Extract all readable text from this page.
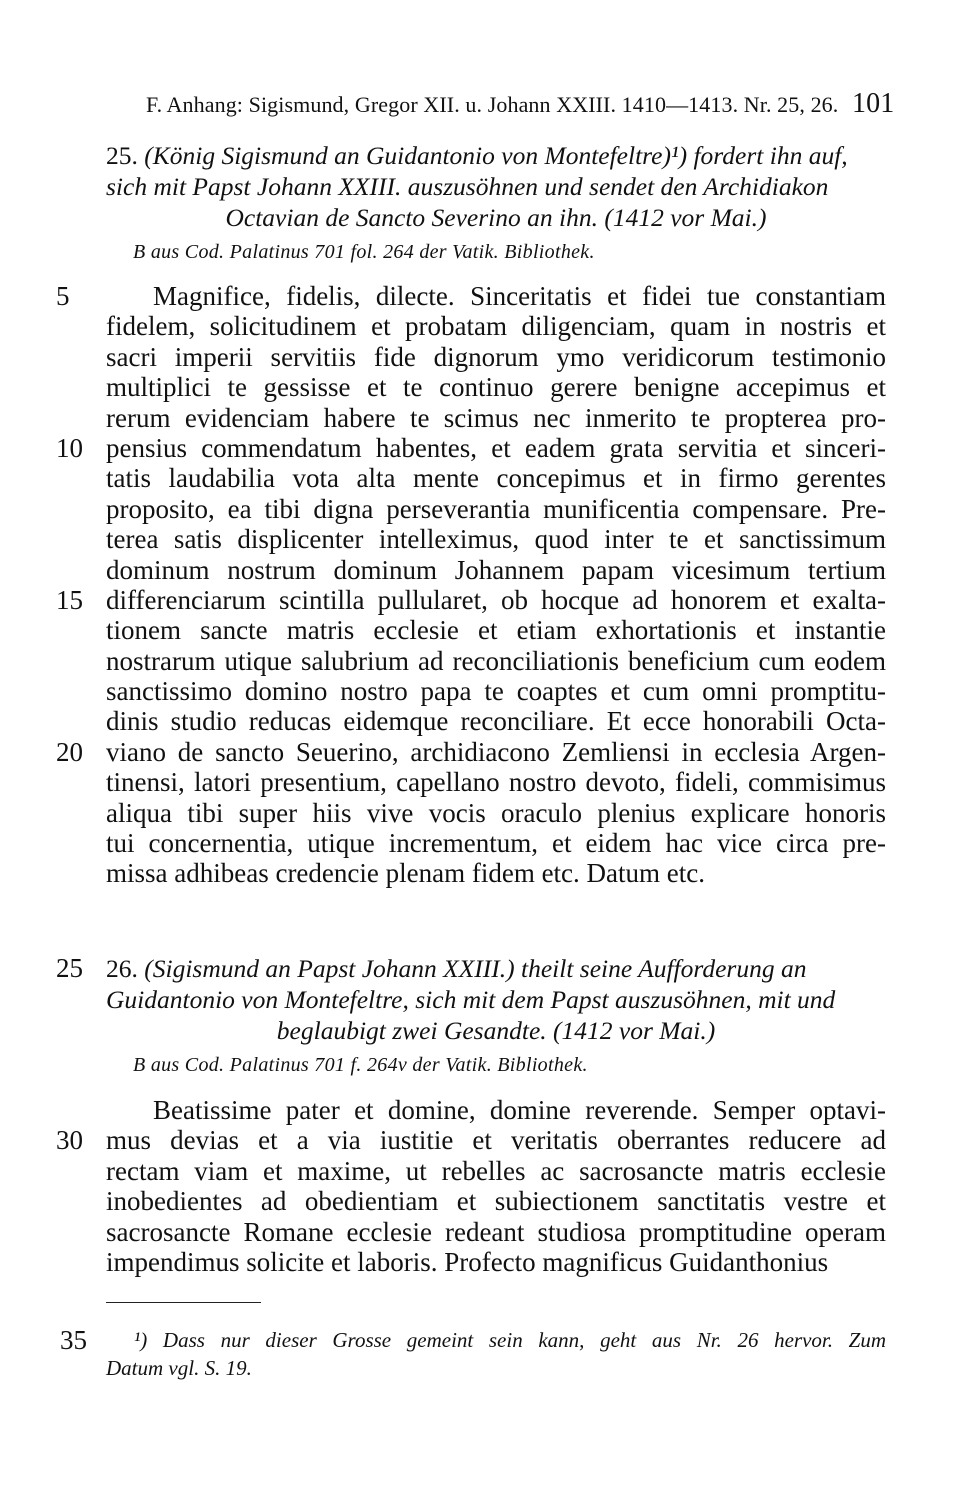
F. Anhang: Sigismund, Gregor XII. u. Johann XXIII. 1410—1413. Nr. 25, 26. 101
25. (König Sigismund an Guidantonio von Montefeltre)¹) fordert ihn auf,
sich mit Papst Johann XXIII. auszusöhnen und sendet den Archidiakon
Octavian de Sancto Severino an ihn. (1412 vor Mai.)
B aus Cod. Palatinus 701 fol. 264 der Vatik. Bibliothek.
5	Magnifice, fidelis, dilecte. Sinceritatis et fidei tue constantiam
fidelem, solicitudinem et probatam diligenciam, quam in nostris et
sacri imperii servitiis fide dignorum ymo veridicorum testimonio
multiplici te gessisse et te continuo gerere benigne accepimus et
rerum evidenciam habere te scimus nec inmerito te propterea pro-
10 pensius commendatum habentes, et eadem grata servitia et sinceri-
tatis laudabilia vota alta mente concepimus et in firmo gerentes
proposito, ea tibi digna perseverantia munificentia compensare. Pre-
terea satis displicenter intelleximus, quod inter te et sanctissimum
dominum nostrum dominum Johannem papam vicesimum tertium
15 differenciarum scintilla pullularet, ob hocque ad honorem et exalta-
tionem sancte matris ecclesie et etiam exhortationis et instantie
nostrarum utique salubrium ad reconciliationis beneficium cum eodem
sanctissimo domino nostro papa te coaptes et cum omni promptitu-
dinis studio reducas eidemque reconciliare. Et ecce honorabili Octa-
20 viano de sancto Seuerino, archidiacono Zemliensi in ecclesia Argen-
tinensi, latori presentium, capellano nostro devoto, fideli, commisimus
aliqua tibi super hiis vive vocis oraculo plenius explicare honoris
tui concernentia, utique incrementum, et eidem hac vice circa pre-
missa adhibeas credencie plenam fidem etc. Datum etc.
25 26. (Sigismund an Papst Johann XXIII.) theilt seine Aufforderung an
Guidantonio von Montefeltre, sich mit dem Papst auszusöhnen, mit und
beglaubigt zwei Gesandte. (1412 vor Mai.)
B aus Cod. Palatinus 701 f. 264v der Vatik. Bibliothek.
Beatissime pater et domine, domine reverende. Semper optavi-
30 mus devias et a via iustitie et veritatis oberrantes reducere ad
rectam viam et maxime, ut rebelles ac sacrosancte matris ecclesie
inobedientes ad obedientiam et subiectionem sanctitatis vestre et
sacrosancte Romane ecclesie redeant studiosa promptitudine operam
impendimus solicite et laboris. Profecto magnificus Guidanthonius
35	¹) Dass nur dieser Grosse gemeint sein kann, geht aus Nr. 26 hervor. Zum
Datum vgl. S. 19.
